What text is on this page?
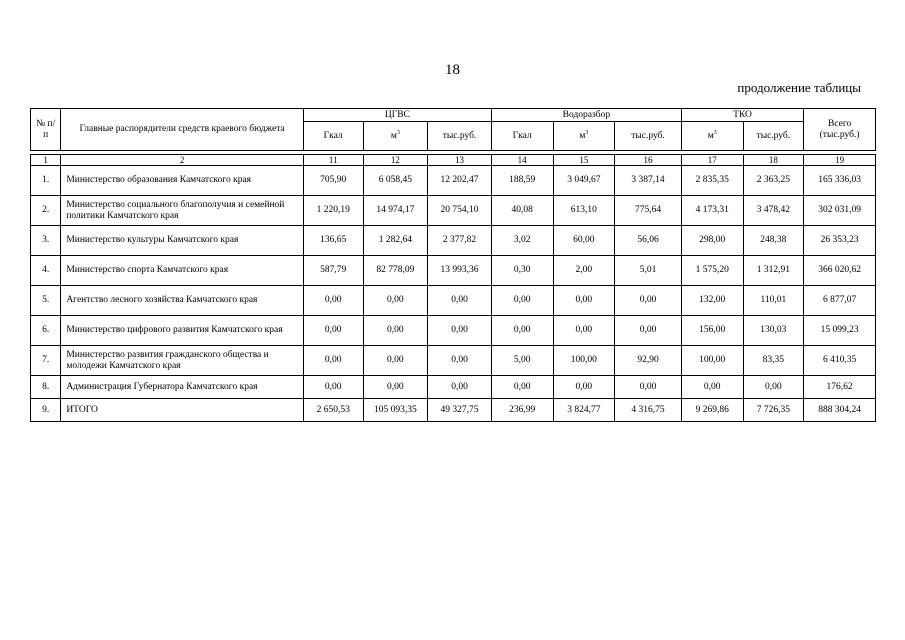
18
продолжение таблицы
№ п/п	Главные распорядители средств краевого бюджета	ЦГВС			Водоразбор			ТКО		Всего (тыс.руб.)
		Гкал	$м^3$	тыс.руб.	Гкал	$м^3$	тыс.руб.	$м^3$	тыс.руб.	

1	2	11	12	13	14	15	16	17	18	19
1.	Министерство образования Камчатского края	705,90	6 058,45	12 202,47	188,59	3 049,67	3 387,14	2 835,35	2 363,25	165 336,03
2.	Министерство социального благополучия и семейной политики Камчатского края	1 220,19	14 974,17	20 754,10	40,08	613,10	775,64	4 173,31	3 478,42	302 031,09
3.	Министерство культуры Камчатского края	136,65	1 282,64	2 377,82	3,02	60,00	56,06	298,00	248,38	26 353,23
4.	Министерство спорта Камчатского края	587,79	82 778,09	13 993,36	0,30	2,00	5,01	1 575,20	1 312,91	366 020,62
5.	Агентство лесного хозяйства Камчатского края	0,00	0,00	0,00	0,00	0,00	0,00	132,00	110,01	6 877,07
6.	Министерство цифрового развития Камчатского края	0,00	0,00	0,00	0,00	0,00	0,00	156,00	130,03	15 099,23
7.	Министерство развития гражданского общества и молодежи Камчатского края	0,00	0,00	0,00	5,00	100,00	92,90	100,00	83,35	6 410,35
8.	Администрация Губернатора Камчатского края	0,00	0,00	0,00	0,00	0,00	0,00	0,00	0,00	176,62
9.	ИТОГО	2 650,53	105 093,35	49 327,75	236,99	3 824,77	4 316,75	9 269,86	7 726,35	888 304,24
